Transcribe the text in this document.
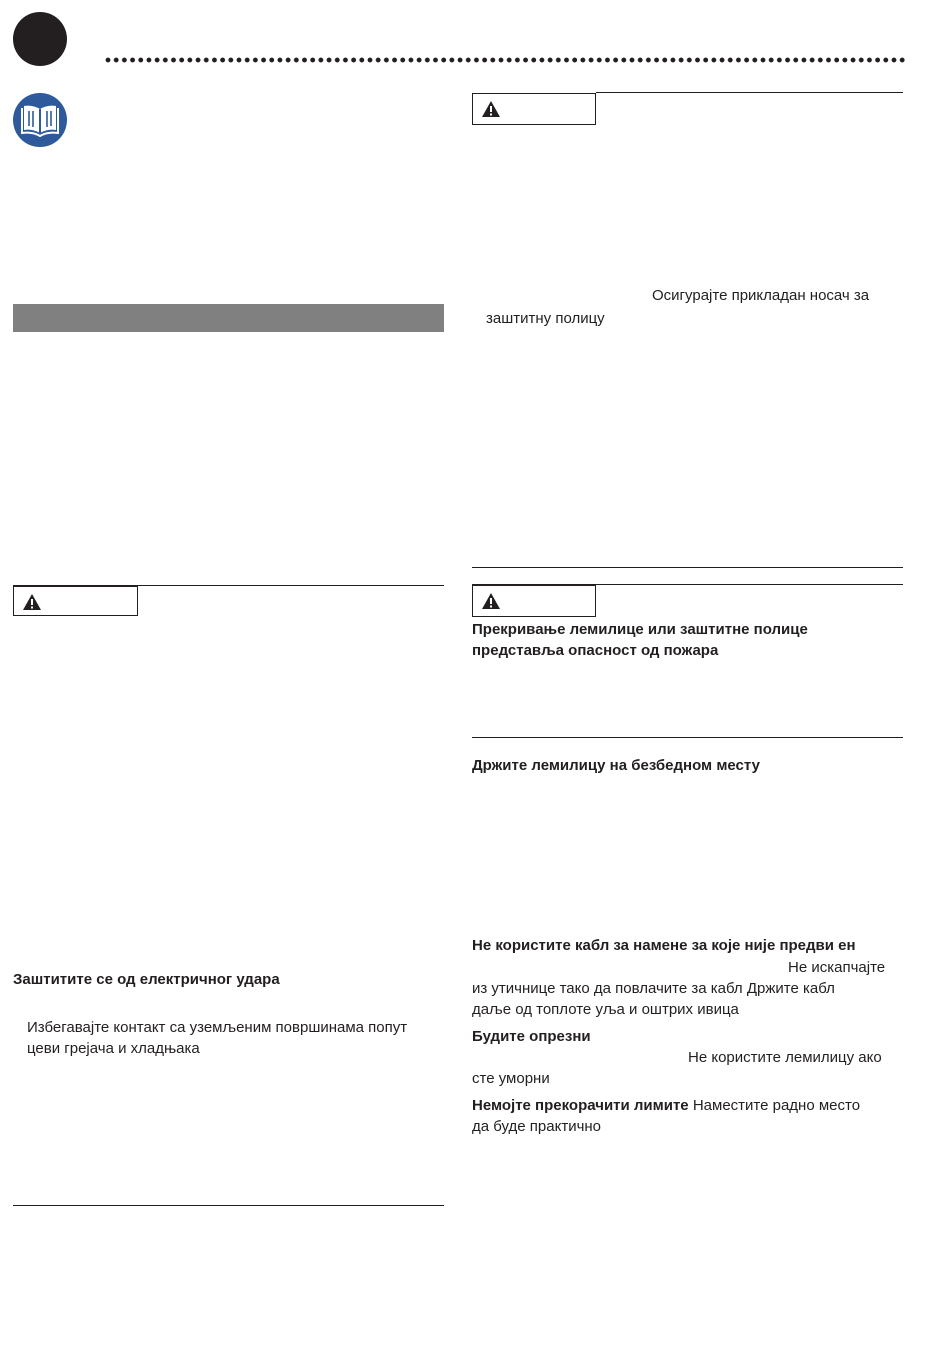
Заштитите се од електричног удара
Избегавајте контакт са уземљеним површинама попут
цеви грејача и хладњака
Осигурајте прикладан носач за
заштитну полицу
Прекривање лемилице или заштитне полице
представља опасност од пожара
Држите лемилицу на безбедном месту
Не користите кабл за намене за које није предви ен
Не искапчајте
из утичнице тако да повлачите за кабл Држите кабл
даље од топлоте уља и оштрих ивица
Будите опрезни
Не користите лемилицу ако
сте уморни
Немојте прекорачити лимите Наместите радно место
да буде практично
